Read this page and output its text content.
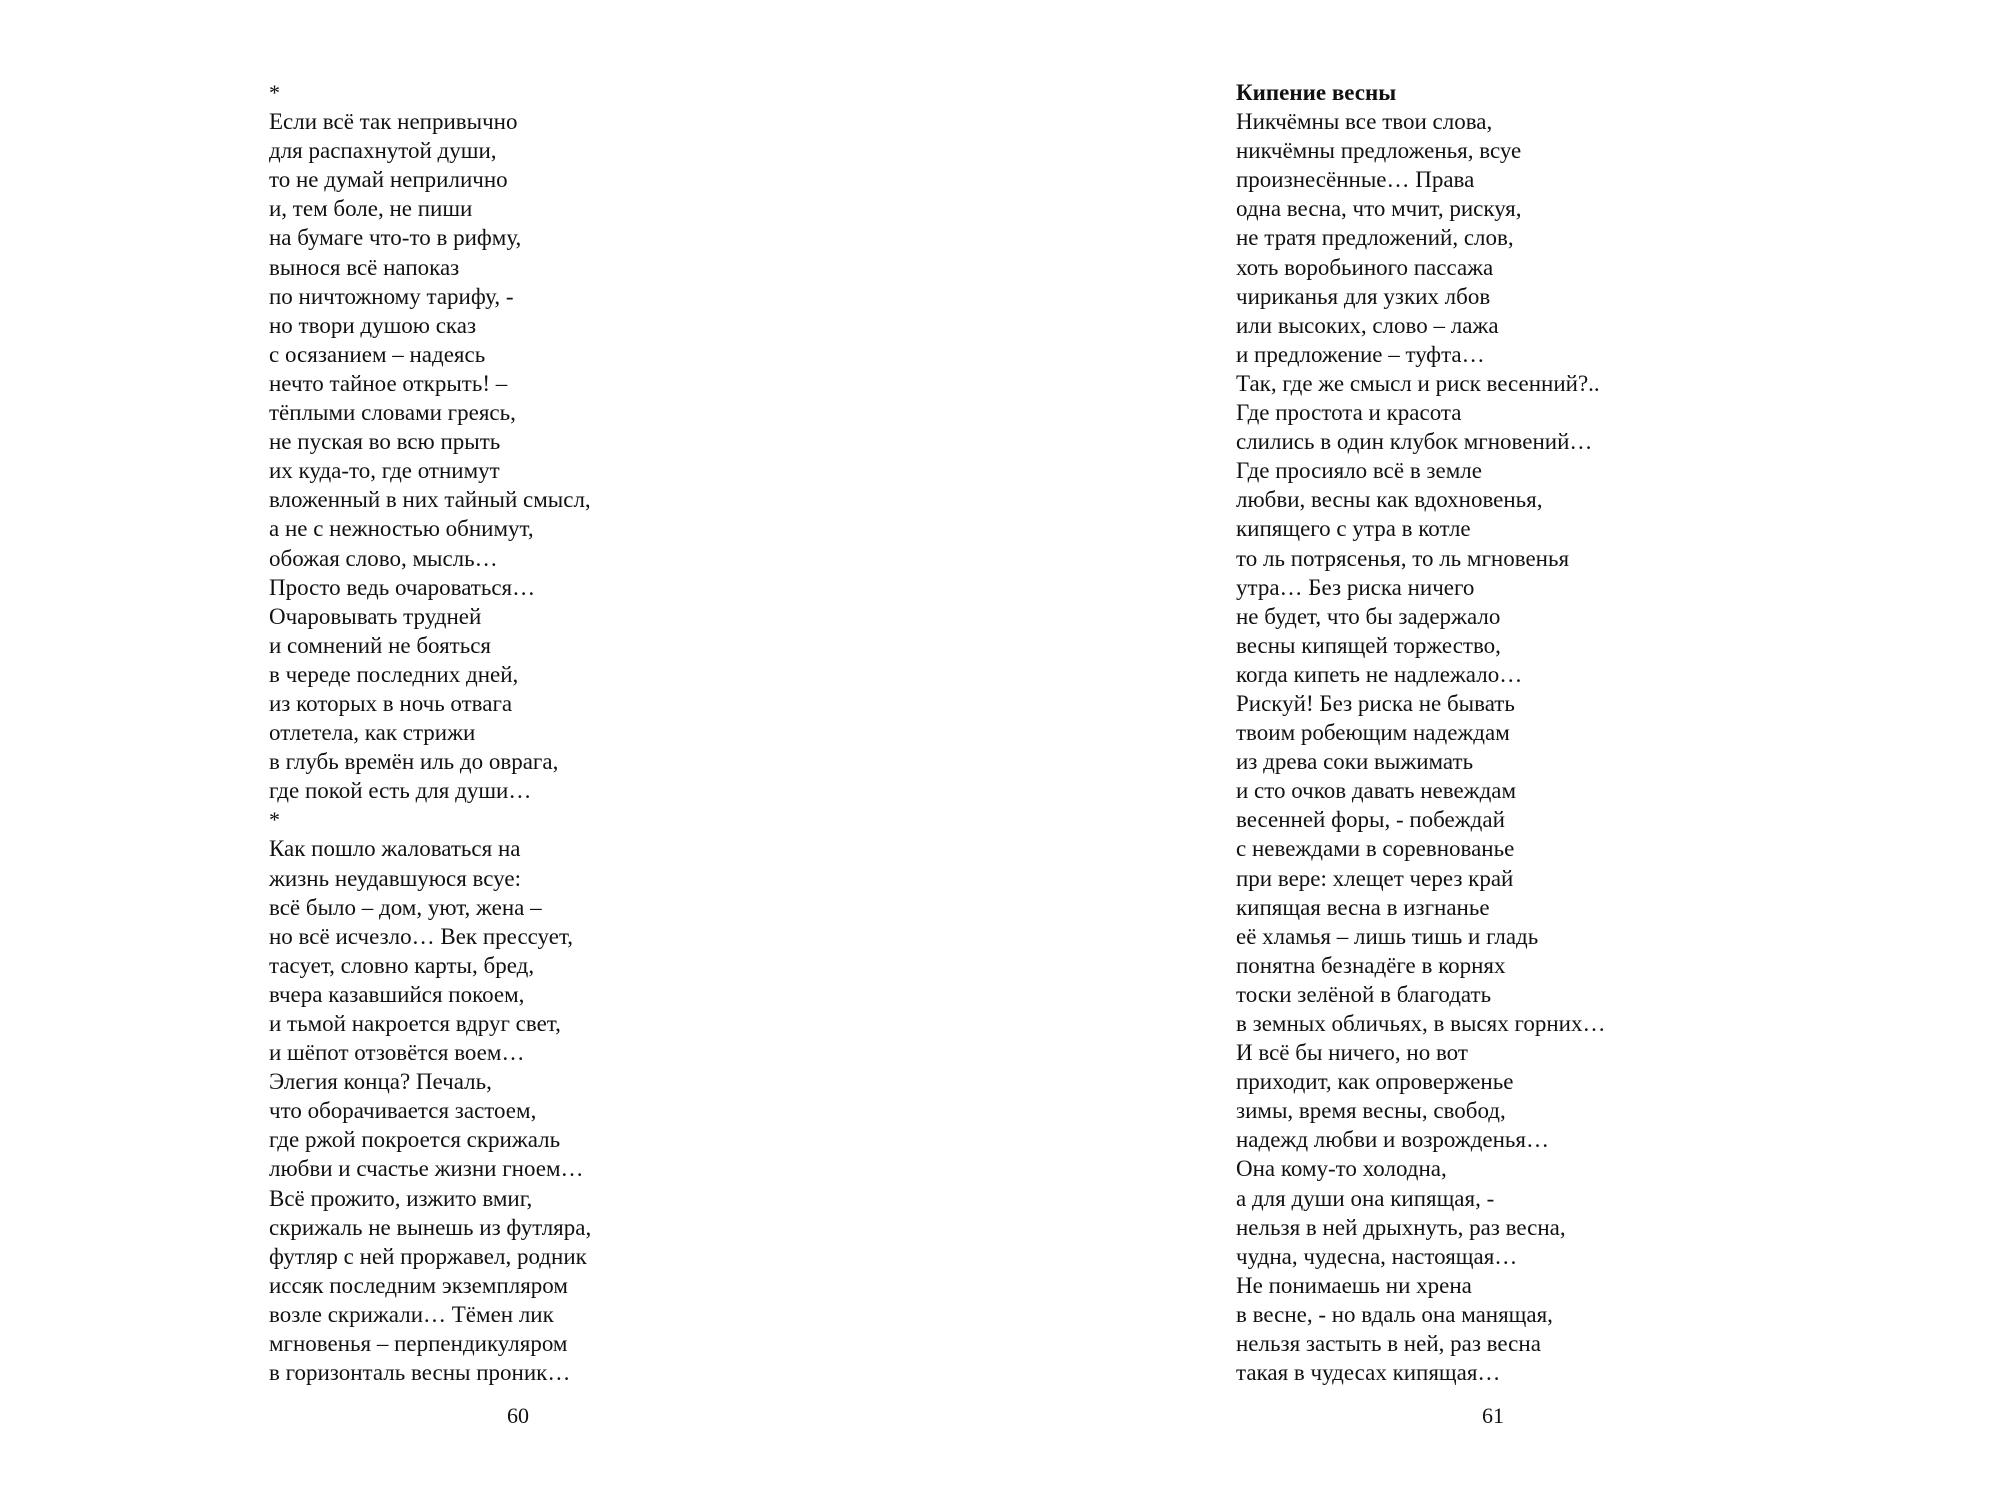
*
Если всё так непривычно
для распахнутой души,
то не думай неприлично
и, тем боле, не пиши
на бумаге что-то в рифму,
вынося всё напоказ
по ничтожному тарифу, -
но твори душою сказ
с осязанием – надеясь
нечто тайное открыть! –
тёплыми словами греясь,
не пуская во всю прыть
их куда-то, где отнимут
вложенный в них тайный смысл,
а не с нежностью обнимут,
обожая слово, мысль…
Просто ведь очароваться…
Очаровывать трудней
и сомнений не бояться
в череде последних дней,
из которых в ночь отвага
отлетела, как стрижи
в глубь времён иль до оврага,
где покой есть для души…
*
Как пошло жаловаться на
жизнь неудавшуюся всуе:
всё было – дом, уют, жена –
но всё исчезло… Век прессует,
тасует, словно карты, бред,
вчера казавшийся покоем,
и тьмой накроется вдруг свет,
и шёпот отзовётся воем…
Элегия конца? Печаль,
что оборачивается застоем,
где ржой покроется скрижаль
любви и счастье жизни гноем…
Всё прожито, изжито вмиг,
скрижаль не вынешь из футляра,
футляр с ней проржавел, родник
иссяк последним экземпляром
возле скрижали… Тёмен лик
мгновенья – перпендикуляром
в горизонталь весны проник…
60
Кипение весны
Никчёмны все твои слова,
никчёмны предложенья, всуе
произнесённые… Права
одна весна, что мчит, рискуя,
не тратя предложений, слов,
хоть воробьиного пассажа
чириканья для узких лбов
или высоких, слово – лажа
и предложение – туфта…
Так, где же смысл и риск весенний?..
Где простота и красота
слились в один клубок мгновений…
Где просияло всё в земле
любви, весны как вдохновенья,
кипящего с утра в котле
то ль потрясенья, то ль мгновенья
утра… Без риска ничего
не будет, что бы задержало
весны кипящей торжество,
когда кипеть не надлежало…
Рискуй! Без риска не бывать
твоим робеющим надеждам
из древа соки выжимать
и сто очков давать невеждам
весенней форы, - побеждай
с невеждами в соревнованье
при вере: хлещет через край
кипящая весна в изгнанье
её хламья – лишь тишь и гладь
понятна безнадёге в корнях
тоски зелёной в благодать
в земных обличьях, в высях горних…
И всё бы ничего, но вот
приходит, как опроверженье
зимы, время весны, свобод,
надежд любви и возрожденья…
Она кому-то холодна,
а для души она кипящая, -
нельзя в ней дрыхнуть, раз весна,
чудна, чудесна, настоящая…
Не понимаешь ни хрена
в весне, - но вдаль она манящая,
нельзя застыть в ней, раз весна
такая в чудесах кипящая…
61
